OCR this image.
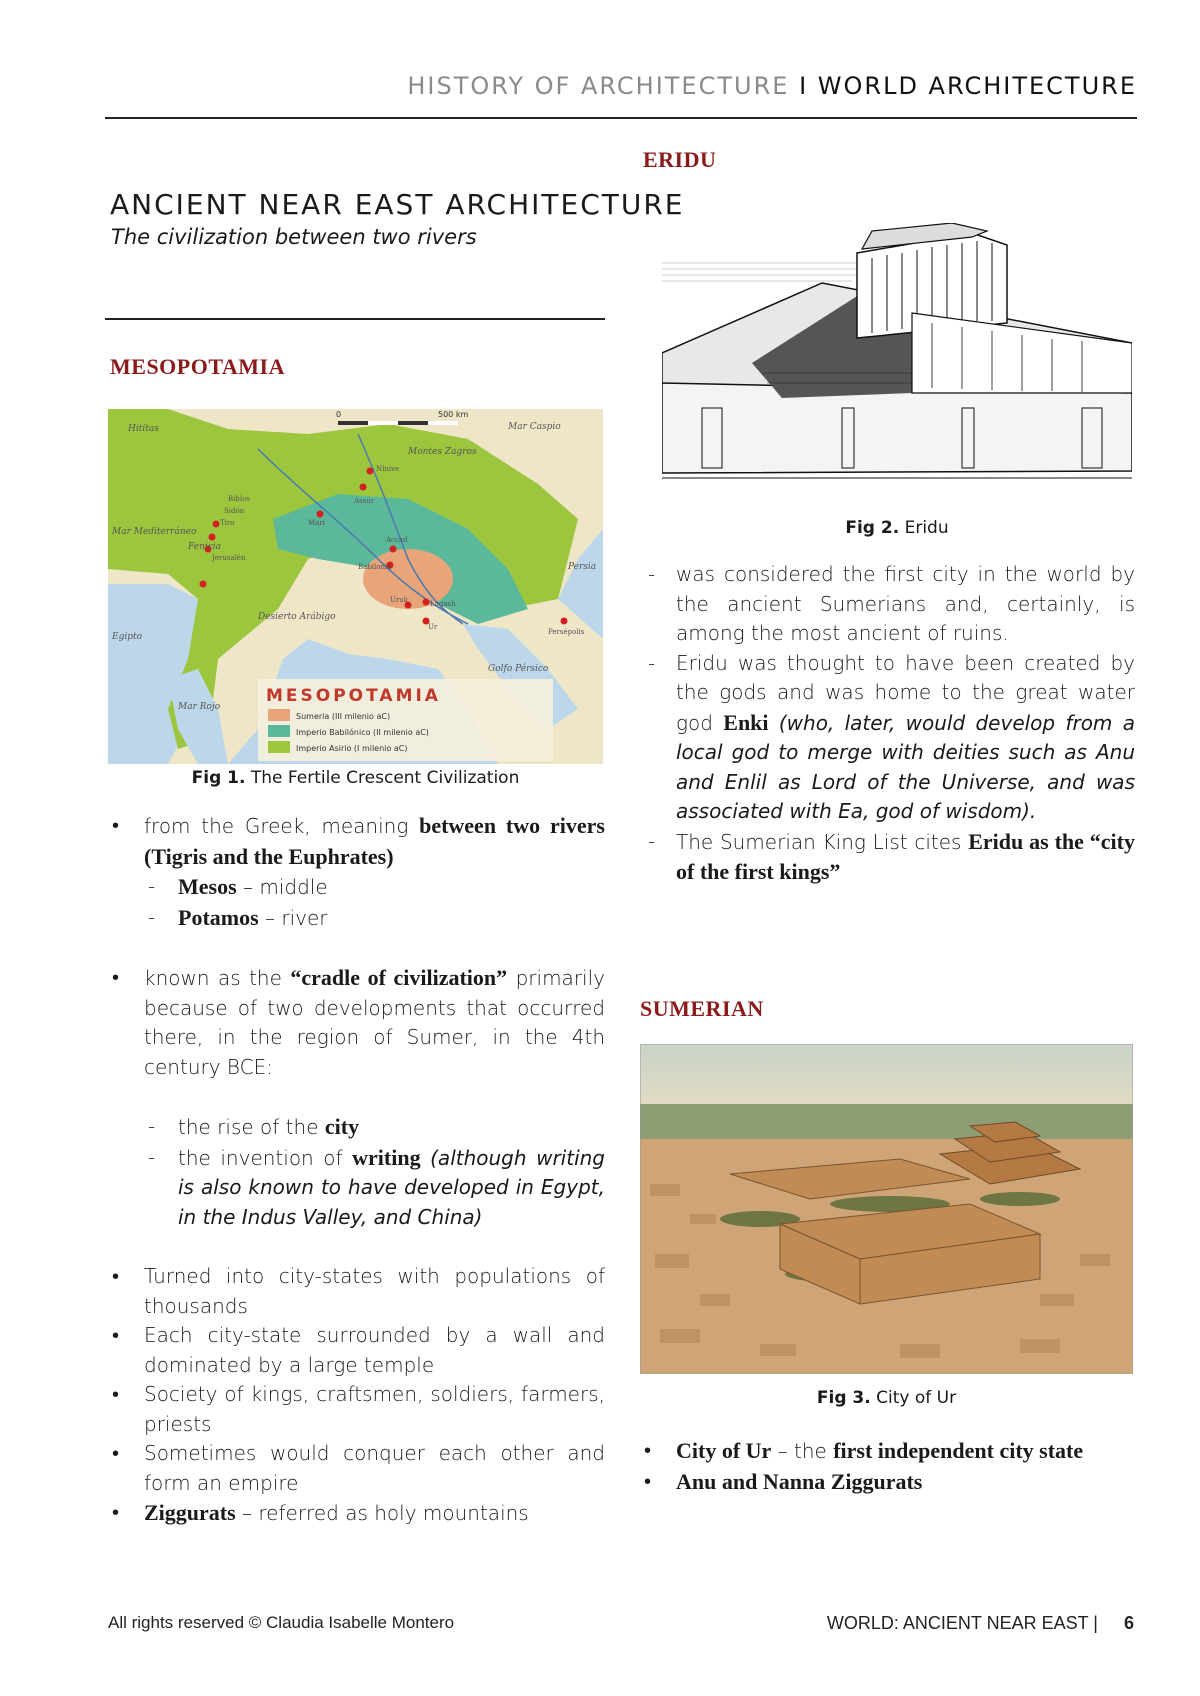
HISTORY OF ARCHITECTURE I WORLD ARCHITECTURE
ANCIENT NEAR EAST ARCHITECTURE
The civilization between two rivers
MESOPOTAMIA
0	500 km
Hititas	Mar Caspio
Montes Zagros
Mar Mediterráneo
Biblos
Sidón
Tiro
Jerusalén
Nínive
Assur
Mari
Accad
Babilonia
Uruk	Lagash
Ur
Persépolis
Desierto Arábigo
Golfo Pérsico
Mar Rojo
Egipto
Fenicia
Persia
MESOPOTAMIA
Sumeria (III milenio aC)
Imperio Babilónico (II milenio aC)
Imperio Asirio (I milenio aC)
Fig 1. The Fertile Crescent Civilization

• from the Greek, meaning between two rivers (Tigris and the Euphrates)

- Mesos – middle

- Potamos – river

• known as the “cradle of civilization” primarily because of two developments that occurred there, in the region of Sumer, in the 4th century BCE:

- the rise of the city

- the invention of writing (although writing is also known to have developed in Egypt, in the Indus Valley, and China)

• Turned into city-states with populations of thousands

• Each city-state surrounded by a wall and dominated by a large temple

• Society of kings, craftsmen, soldiers, farmers, priests

• Sometimes would conquer each other and form an empire

• Ziggurats – referred as holy mountains

ERIDU
Fig 2. Eridu

- was considered the first city in the world by the ancient Sumerians and, certainly, is among the most ancient of ruins.

- Eridu was thought to have been created by the gods and was home to the great water god Enki (who, later, would develop from a local god to merge with deities such as Anu and Enlil as Lord of the Universe, and was associated with Ea, god of wisdom).

- The Sumerian King List cites Eridu as the “city of the first kings”

SUMERIAN
Fig 3. City of Ur

• City of Ur – the first independent city state

• Anu and Nanna Ziggurats

All rights reserved © Claudia Isabelle Montero	WORLD: ANCIENT NEAR EAST | 6
